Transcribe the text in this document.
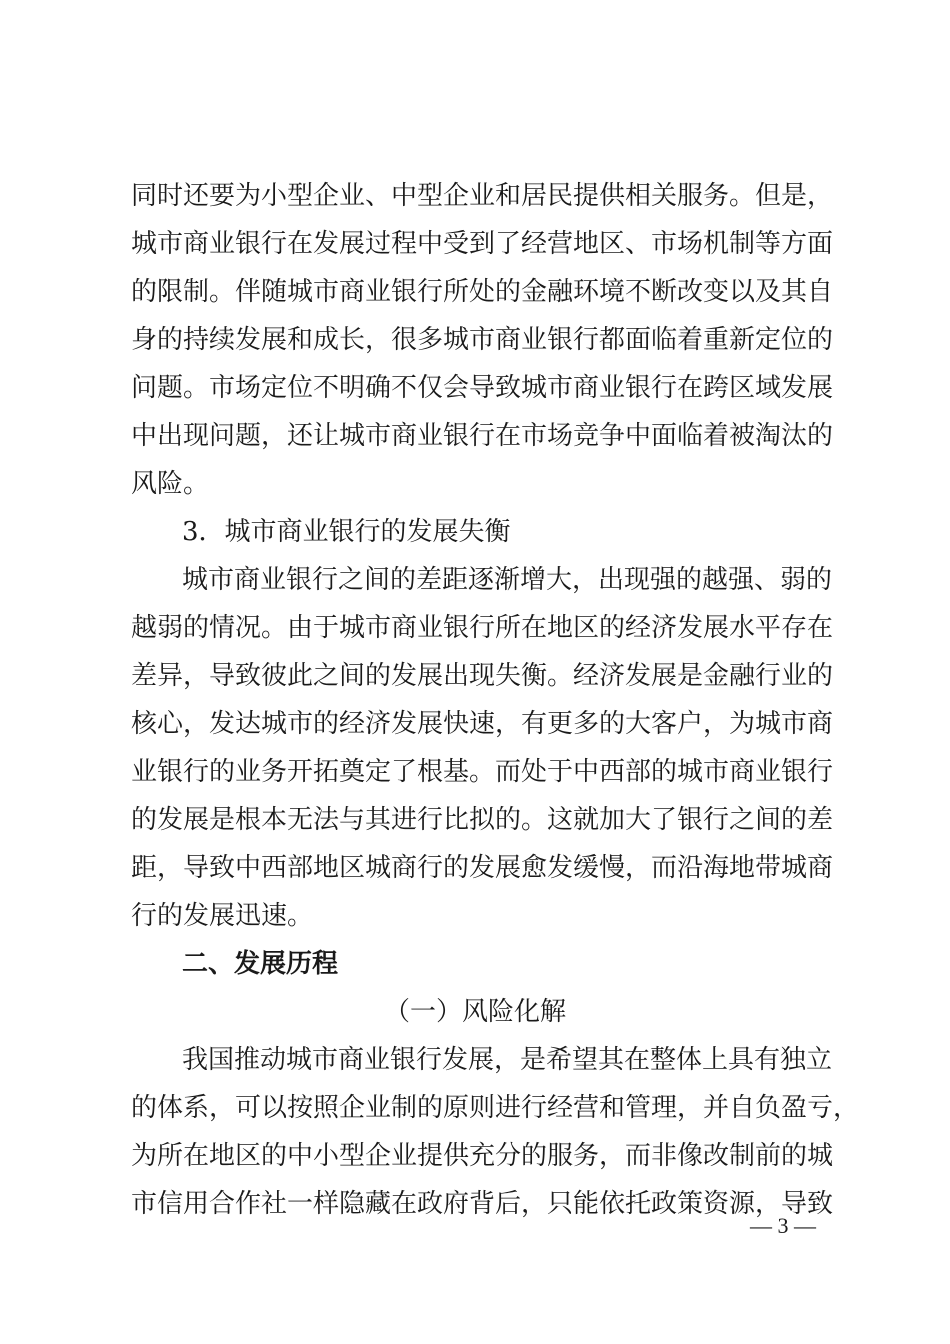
同时还要为小型企业、中型企业和居民提供相关服务。但是，
城市商业银行在发展过程中受到了经营地区、市场机制等方面
的限制。伴随城市商业银行所处的金融环境不断改变以及其自
身的持续发展和成长，很多城市商业银行都面临着重新定位的
问题。市场定位不明确不仅会导致城市商业银行在跨区域发展
中出现问题，还让城市商业银行在市场竞争中面临着被淘汰的
风险。
3．城市商业银行的发展失衡
城市商业银行之间的差距逐渐增大，出现强的越强、弱的
越弱的情况。由于城市商业银行所在地区的经济发展水平存在
差异，导致彼此之间的发展出现失衡。经济发展是金融行业的
核心，发达城市的经济发展快速，有更多的大客户，为城市商
业银行的业务开拓奠定了根基。而处于中西部的城市商业银行
的发展是根本无法与其进行比拟的。这就加大了银行之间的差
距，导致中西部地区城商行的发展愈发缓慢，而沿海地带城商
行的发展迅速。
二、发展历程
（一）风险化解
我国推动城市商业银行发展，是希望其在整体上具有独立
的体系，可以按照企业制的原则进行经营和管理，并自负盈亏，
为所在地区的中小型企业提供充分的服务，而非像改制前的城
市信用合作社一样隐藏在政府背后，只能依托政策资源，导致
— 3 —
